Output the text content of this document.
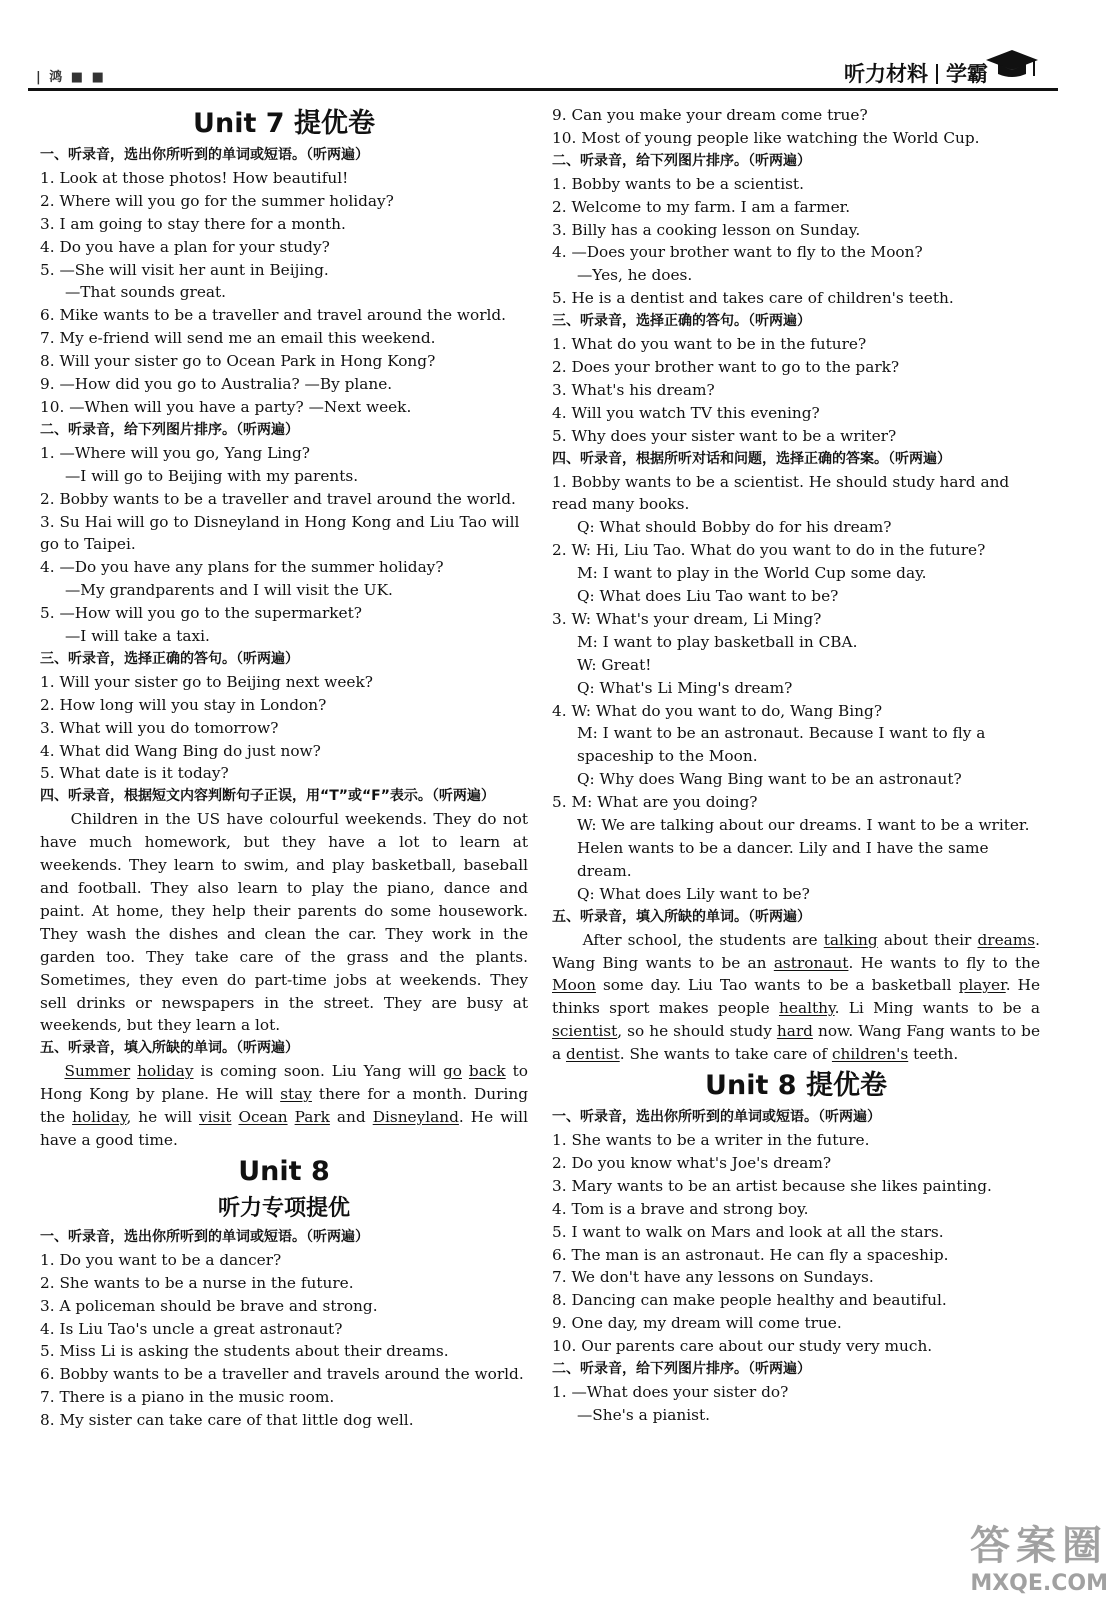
| 鸿 ■ ■	听力材料 学霸
Unit 7 提优卷
一、听录音，选出你所听到的单词或短语。（听两遍）
1. Look at those photos! How beautiful!
2. Where will you go for the summer holiday?
3. I am going to stay there for a month.
4. Do you have a plan for your study?
5. —She will visit her aunt in Beijing.
—That sounds great.
6. Mike wants to be a traveller and travel around the world.
7. My e-friend will send me an email this weekend.
8. Will your sister go to Ocean Park in Hong Kong?
9. —How did you go to Australia? —By plane.
10. —When will you have a party? —Next week.
二、听录音，给下列图片排序。（听两遍）
1. —Where will you go, Yang Ling?
—I will go to Beijing with my parents.
2. Bobby wants to be a traveller and travel around the world.
3. Su Hai will go to Disneyland in Hong Kong and Liu Tao will go to Taipei.
4. —Do you have any plans for the summer holiday?
—My grandparents and I will visit the UK.
5. —How will you go to the supermarket?
—I will take a taxi.
三、听录音，选择正确的答句。（听两遍）
1. Will your sister go to Beijing next week?
2. How long will you stay in London?
3. What will you do tomorrow?
4. What did Wang Bing do just now?
5. What date is it today?
四、听录音，根据短文内容判断句子正误，用“T”或“F”表示。（听两遍）
Children in the US have colourful weekends. They do not have much homework, but they have a lot to learn at weekends. They learn to swim, and play basketball, baseball and football. They also learn to play the piano, dance and paint. At home, they help their parents do some housework. They wash the dishes and clean the car. They work in the garden too. They take care of the grass and the plants. Sometimes, they even do part-time jobs at weekends. They sell drinks or newspapers in the street. They are busy at weekends, but they learn a lot.
五、听录音，填入所缺的单词。（听两遍）
Summer holiday is coming soon. Liu Yang will go back to Hong Kong by plane. He will stay there for a month. During the holiday, he will visit Ocean Park and Disneyland. He will have a good time.
Unit 8
听力专项提优
一、听录音，选出你所听到的单词或短语。（听两遍）
1. Do you want to be a dancer?
2. She wants to be a nurse in the future.
3. A policeman should be brave and strong.
4. Is Liu Tao's uncle a great astronaut?
5. Miss Li is asking the students about their dreams.
6. Bobby wants to be a traveller and travels around the world.
7. There is a piano in the music room.
8. My sister can take care of that little dog well.
9. Can you make your dream come true?
10. Most of young people like watching the World Cup.
二、听录音，给下列图片排序。（听两遍）
1. Bobby wants to be a scientist.
2. Welcome to my farm. I am a farmer.
3. Billy has a cooking lesson on Sunday.
4. —Does your brother want to fly to the Moon?
—Yes, he does.
5. He is a dentist and takes care of children's teeth.
三、听录音，选择正确的答句。（听两遍）
1. What do you want to be in the future?
2. Does your brother want to go to the park?
3. What's his dream?
4. Will you watch TV this evening?
5. Why does your sister want to be a writer?
四、听录音，根据所听对话和问题，选择正确的答案。（听两遍）
1. Bobby wants to be a scientist. He should study hard and read many books.
Q: What should Bobby do for his dream?
2. W: Hi, Liu Tao. What do you want to do in the future?
M: I want to play in the World Cup some day.
Q: What does Liu Tao want to be?
3. W: What's your dream, Li Ming?
M: I want to play basketball in CBA.
W: Great!
Q: What's Li Ming's dream?
4. W: What do you want to do, Wang Bing?
M: I want to be an astronaut. Because I want to fly a spaceship to the Moon.
Q: Why does Wang Bing want to be an astronaut?
5. M: What are you doing?
W: We are talking about our dreams. I want to be a writer. Helen wants to be a dancer. Lily and I have the same dream.
Q: What does Lily want to be?
五、听录音，填入所缺的单词。（听两遍）
After school, the students are talking about their dreams. Wang Bing wants to be an astronaut. He wants to fly to the Moon some day. Liu Tao wants to be a basketball player. He thinks sport makes people healthy. Li Ming wants to be a scientist, so he should study hard now. Wang Fang wants to be a dentist. She wants to take care of children's teeth.
Unit 8 提优卷
一、听录音，选出你所听到的单词或短语。（听两遍）
1. She wants to be a writer in the future.
2. Do you know what's Joe's dream?
3. Mary wants to be an artist because she likes painting.
4. Tom is a brave and strong boy.
5. I want to walk on Mars and look at all the stars.
6. The man is an astronaut. He can fly a spaceship.
7. We don't have any lessons on Sundays.
8. Dancing can make people healthy and beautiful.
9. One day, my dream will come true.
10. Our parents care about our study very much.
二、听录音，给下列图片排序。（听两遍）
1. —What does your sister do?
—She's a pianist.
答案圈
MXQE.COM
